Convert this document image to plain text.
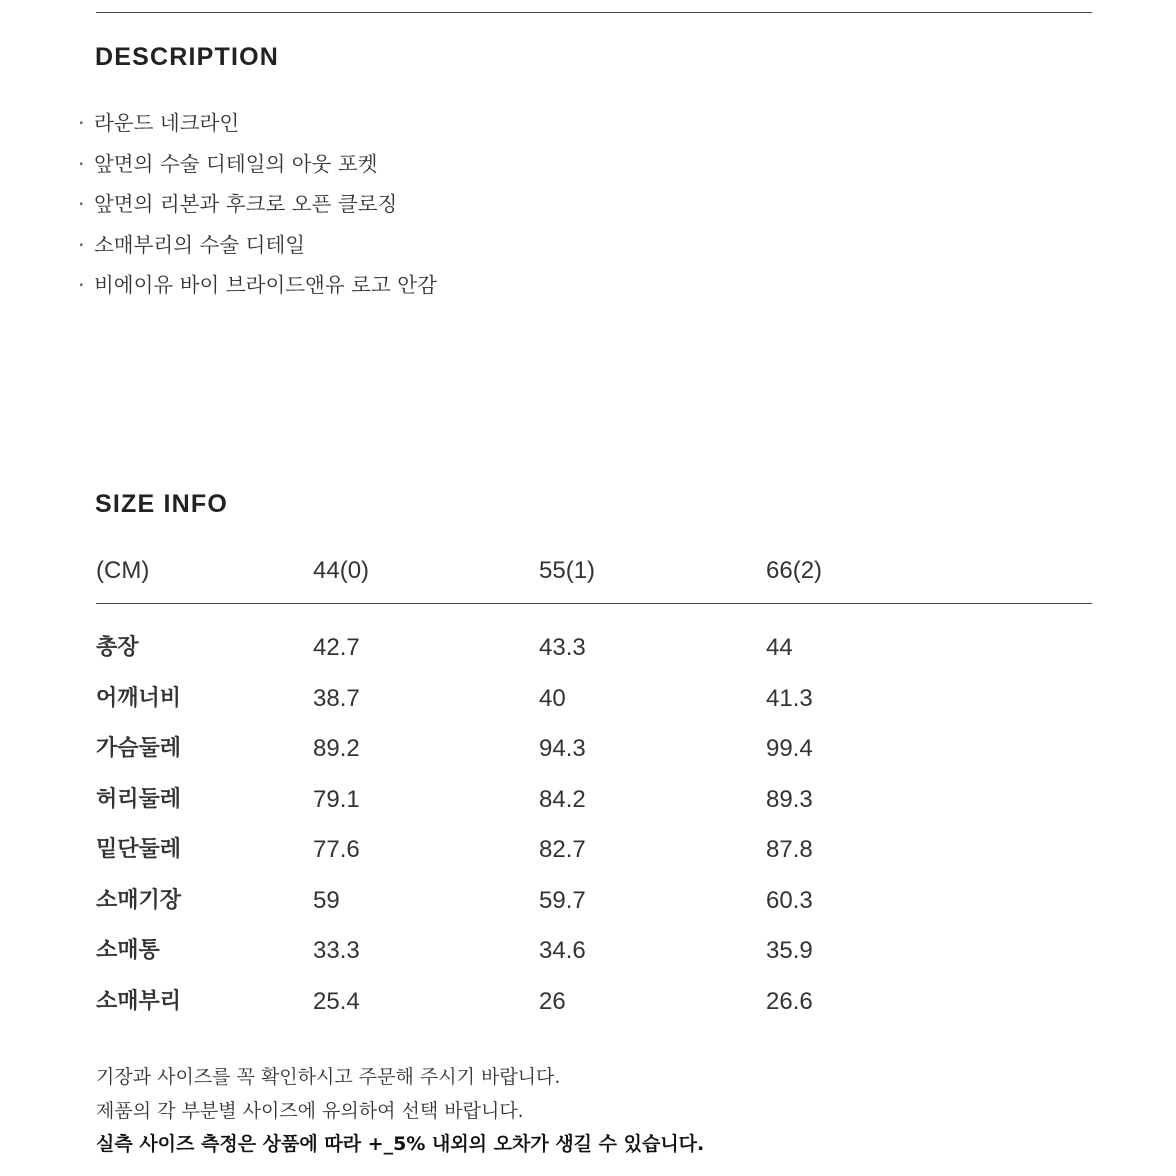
DESCRIPTION
· 라운드 네크라인
· 앞면의 수술 디테일의 아웃 포켓
· 앞면의 리본과 후크로 오픈 클로징
· 소매부리의 수술 디테일
· 비에이유 바이 브라이드앤유 로고 안감
SIZE INFO
(CM)	44(0)	55(1)	66(2)
총장	42.7	43.3	44
어깨너비	38.7	40	41.3
가슴둘레	89.2	94.3	99.4
허리둘레	79.1	84.2	89.3
밑단둘레	77.6	82.7	87.8
소매기장	59	59.7	60.3
소매통	33.3	34.6	35.9
소매부리	25.4	26	26.6
기장과 사이즈를 꼭 확인하시고 주문해 주시기 바랍니다.
제품의 각 부분별 사이즈에 유의하여 선택 바랍니다.
실측 사이즈 측정은 상품에 따라 +_5% 내외의 오차가 생길 수 있습니다.
